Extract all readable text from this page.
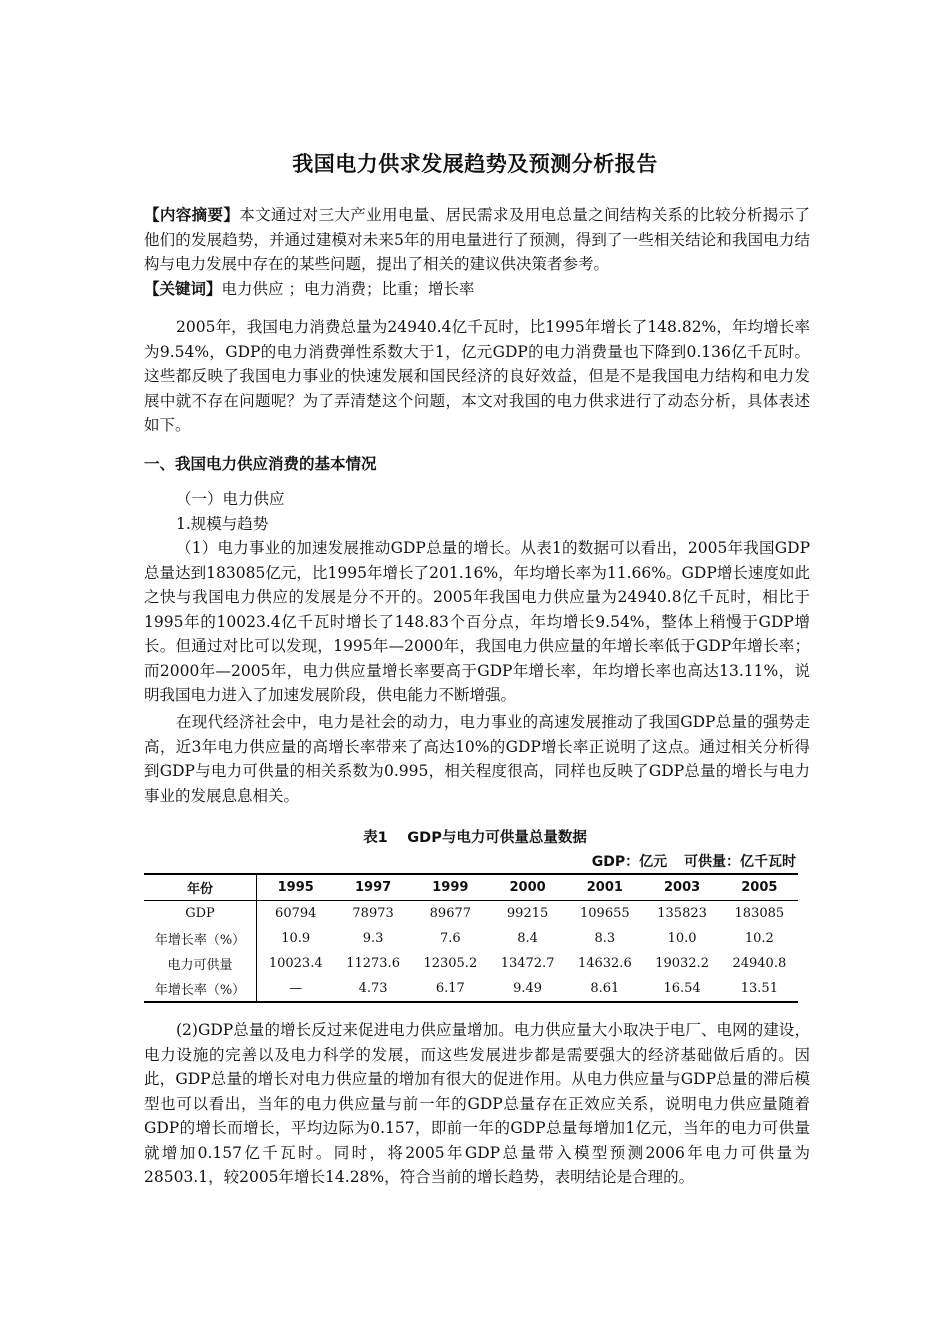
我国电力供求发展趋势及预测分析报告
【内容摘要】本文通过对三大产业用电量、居民需求及用电总量之间结构关系的比较分析揭示了他们的发展趋势，并通过建模对未来5年的用电量进行了预测，得到了一些相关结论和我国电力结构与电力发展中存在的某些问题，提出了相关的建议供决策者参考。
【关键词】电力供应 ；电力消费；比重；增长率
2005年，我国电力消费总量为24940.4亿千瓦时，比1995年增长了148.82%，年均增长率为9.54%，GDP的电力消费弹性系数大于1，亿元GDP的电力消费量也下降到0.136亿千瓦时。这些都反映了我国电力事业的快速发展和国民经济的良好效益，但是不是我国电力结构和电力发展中就不存在问题呢？为了弄清楚这个问题，本文对我国的电力供求进行了动态分析，具体表述如下。
一、我国电力供应消费的基本情况
（一）电力供应
1.规模与趋势
（1）电力事业的加速发展推动GDP总量的增长。从表1的数据可以看出，2005年我国GDP总量达到183085亿元，比1995年增长了201.16%，年均增长率为11.66%。GDP增长速度如此之快与我国电力供应的发展是分不开的。2005年我国电力供应量为24940.8亿千瓦时，相比于1995年的10023.4亿千瓦时增长了148.83个百分点，年均增长9.54%，整体上稍慢于GDP增长。但通过对比可以发现，1995年—2000年，我国电力供应量的年增长率低于GDP年增长率；而2000年—2005年，电力供应量增长率要高于GDP年增长率，年均增长率也高达13.11%，说明我国电力进入了加速发展阶段，供电能力不断增强。
在现代经济社会中，电力是社会的动力，电力事业的高速发展推动了我国GDP总量的强势走高，近3年电力供应量的高增长率带来了高达10%的GDP增长率正说明了这点。通过相关分析得到GDP与电力可供量的相关系数为0.995，相关程度很高，同样也反映了GDP总量的增长与电力事业的发展息息相关。
表1　 GDP与电力可供量总量数据
GDP：亿元 可供量：亿千瓦时
年份	1995	1997	1999	2000	2001	2003	2005
GDP	60794	78973	89677	99215	109655	135823	183085
年增长率（%）	10.9	9.3	7.6	8.4	8.3	10.0	10.2
电力可供量	10023.4	11273.6	12305.2	13472.7	14632.6	19032.2	24940.8
年增长率（%）	—	4.73	6.17	9.49	8.61	16.54	13.51
(2)GDP总量的增长反过来促进电力供应量增加。电力供应量大小取决于电厂、电网的建设，电力设施的完善以及电力科学的发展，而这些发展进步都是需要强大的经济基础做后盾的。因此，GDP总量的增长对电力供应量的增加有很大的促进作用。从电力供应量与GDP总量的滞后模型也可以看出，当年的电力供应量与前一年的GDP总量存在正效应关系，说明电力供应量随着GDP的增长而增长，平均边际为0.157，即前一年的GDP总量每增加1亿元，当年的电力可供量就增加0.157亿千瓦时。同时，将2005年GDP总量带入模型预测2006年电力可供量为28503.1，较2005年增长14.28%，符合当前的增长趋势，表明结论是合理的。
